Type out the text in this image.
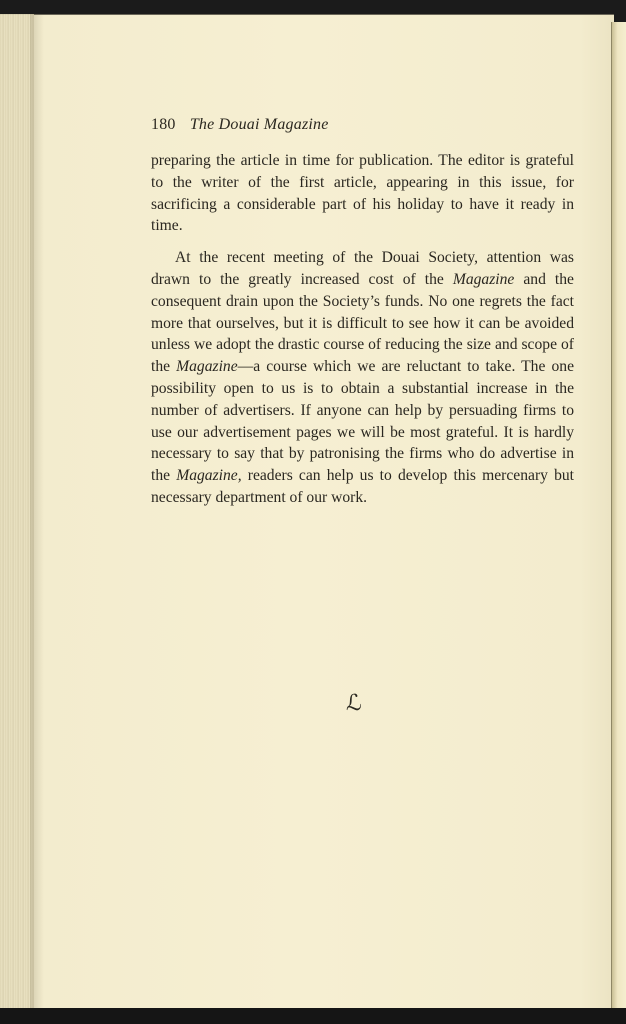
180 The Douai Magazine

preparing the article in time for publication. The editor is grateful to the writer of the first article, appearing in this issue, for sacrificing a considerable part of his holiday to have it ready in time.

At the recent meeting of the Douai Society, attention was drawn to the greatly increased cost of the Magazine and the consequent drain upon the Society’s funds. No one regrets the fact more that ourselves, but it is difficult to see how it can be avoided unless we adopt the drastic course of reducing the size and scope of the Magazine—a course which we are reluctant to take. The one possibility open to us is to obtain a substantial increase in the number of advertisers. If anyone can help by persuading firms to use our advertisement pages we will be most grateful. It is hardly necessary to say that by patronising the firms who do advertise in the Magazine, readers can help us to develop this mercenary but necessary department of our work.

ℒ
